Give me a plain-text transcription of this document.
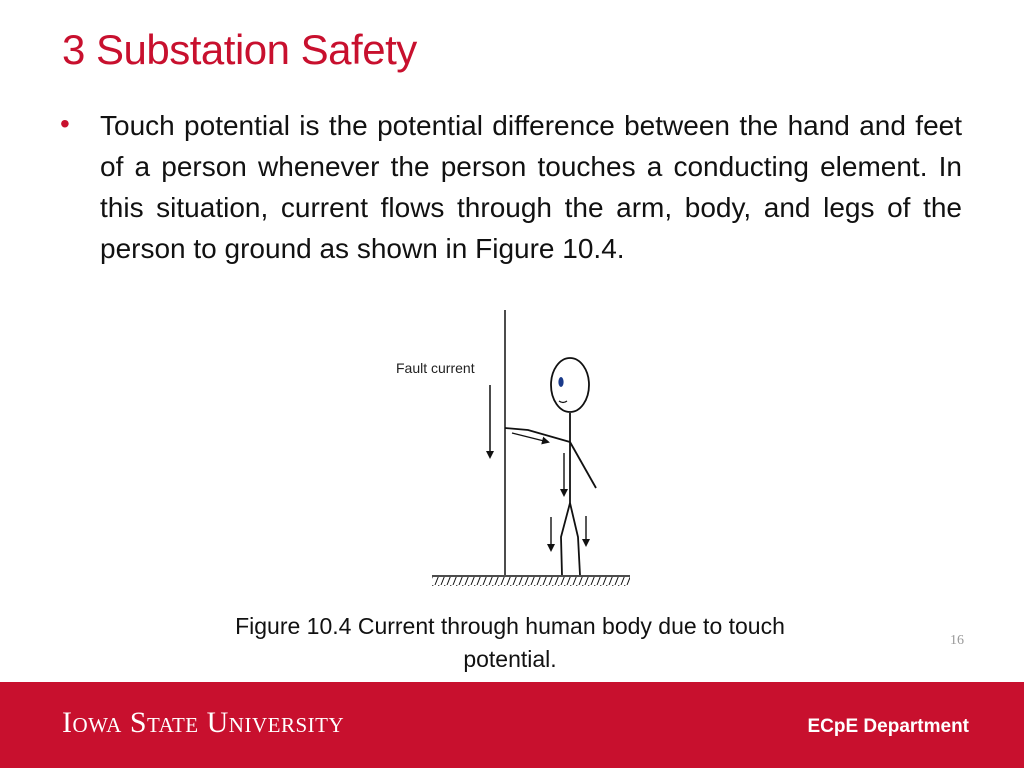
3 Substation Safety
• Touch potential is the potential difference between the hand and feet of a person whenever the person touches a conducting element. In this situation, current flows through the arm, body, and legs of the person to ground as shown in Figure 10.4.

Fault current
Figure 10.4 Current through human body due to touch potential.
16
Iowa State University	ECpE Department
